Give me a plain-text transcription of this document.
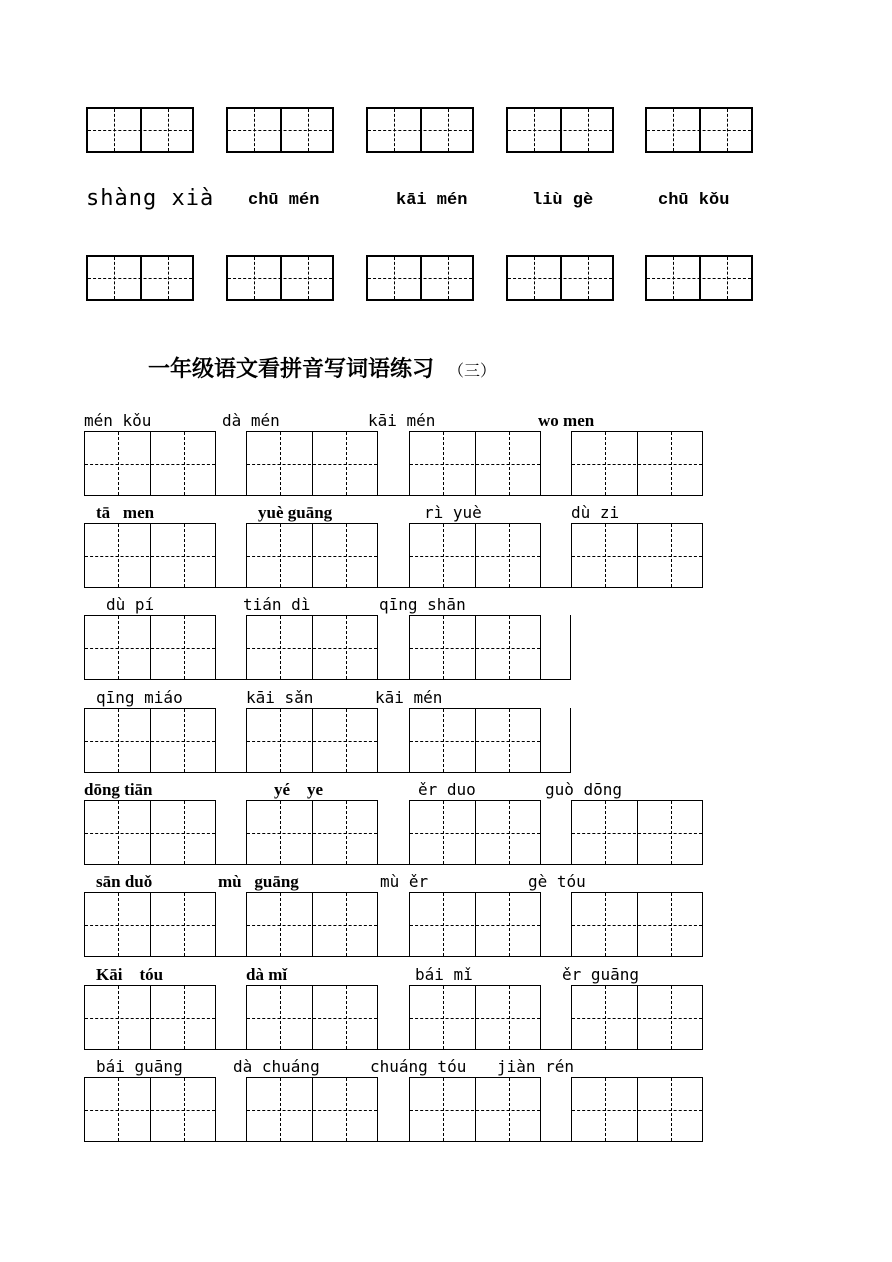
shàng xià chū mén	kāi mén	liù gè	chū kǒu
一年级语文看拼音写词语练习 （三）
mén kǒu	dà mén	kāi mén	wo men
tā   men	yuè guāng	rì yuè	dù zi
dù pí	tián dì	qīng shān
qīng miáo	kāi sǎn	kāi mén
dōng tiān	yé    ye	ěr duo	guò dōng
sān duǒ	mù   guāng	mù ěr	gè tóu
Kāi    tóu	dà mǐ	bái mǐ	ěr guāng
bái guāng	dà chuáng	chuáng tóu jiàn rén
